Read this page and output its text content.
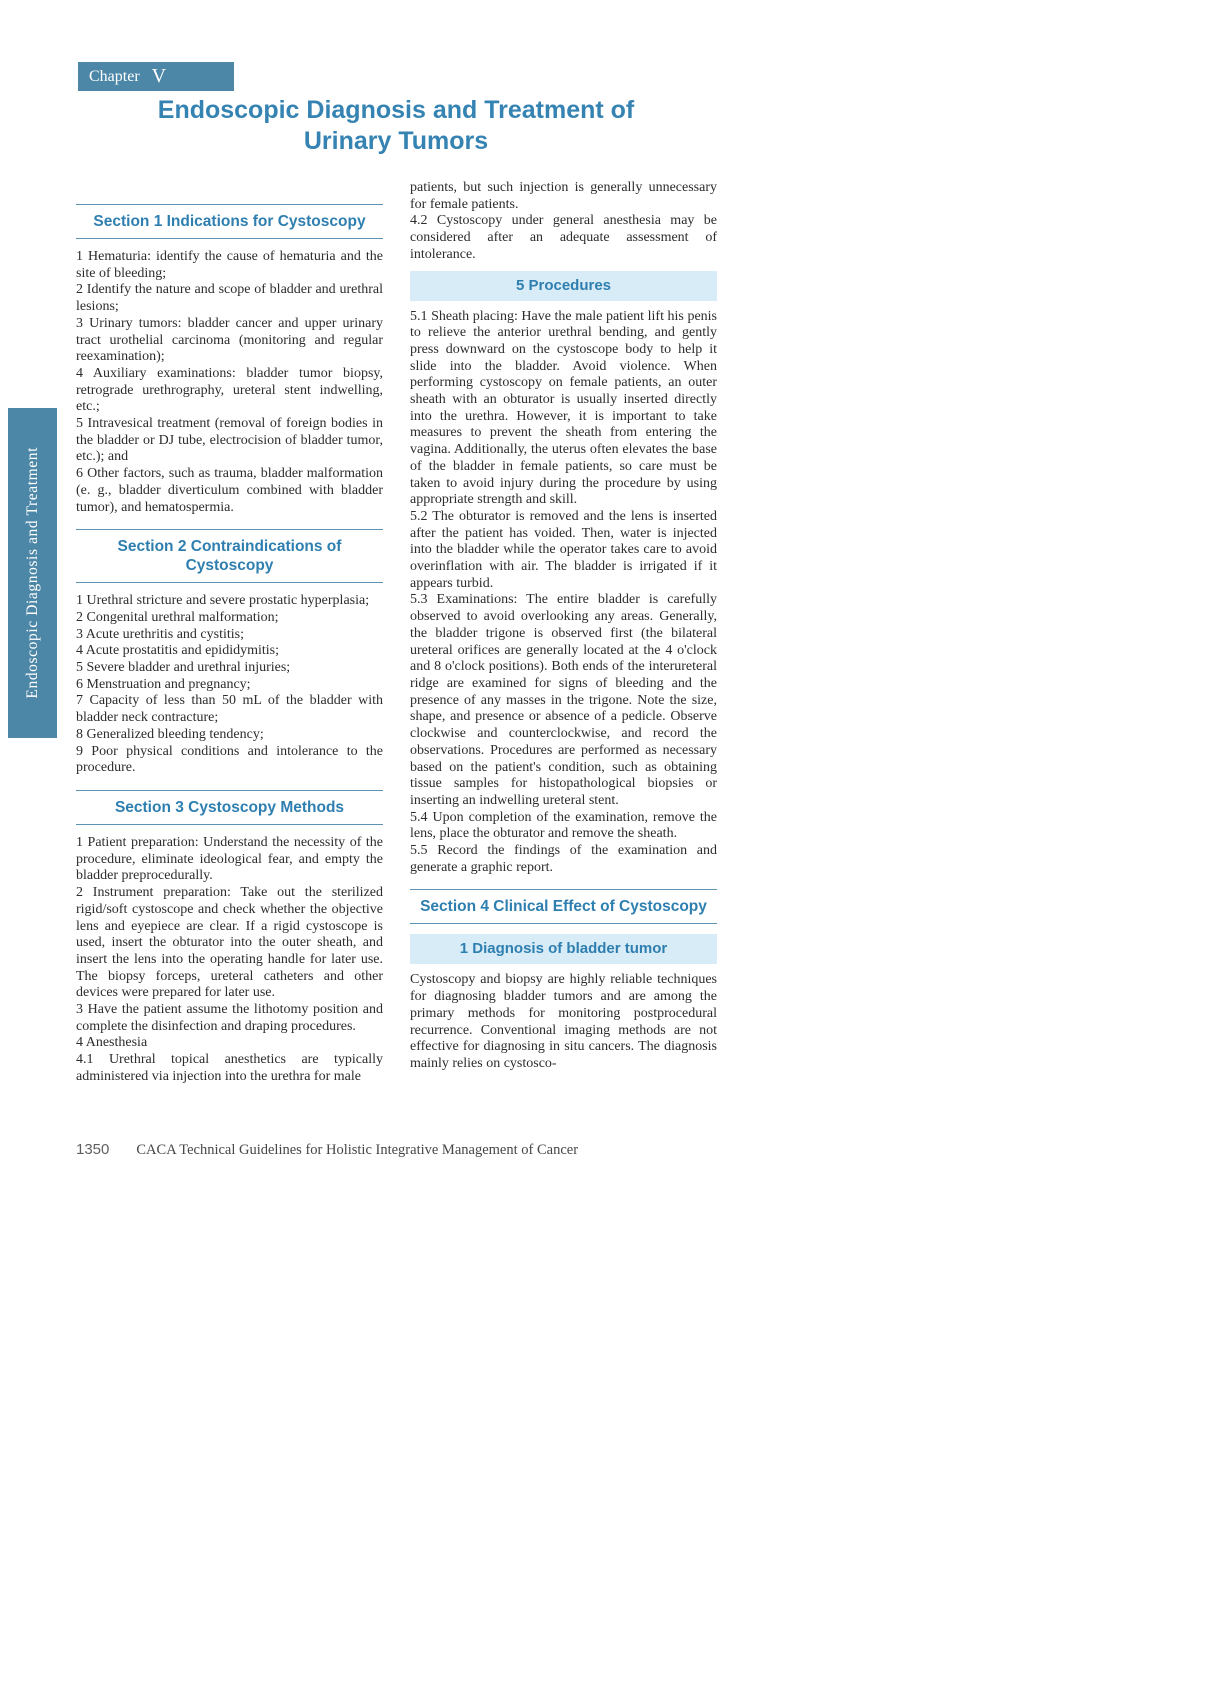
Endoscopic Diagnosis and Treatment
Chapter V
Endoscopic Diagnosis and Treatment of
Urinary Tumors
Section 1 Indications for Cystoscopy

1 Hematuria: identify the cause of hematuria and the site of bleeding;

2 Identify the nature and scope of bladder and urethral lesions;

3 Urinary tumors: bladder cancer and upper urinary tract urothelial carcinoma (monitoring and regular reexamination);

4 Auxiliary examinations: bladder tumor biopsy, retrograde urethrography, ureteral stent indwelling, etc.;

5 Intravesical treatment (removal of foreign bodies in the bladder or DJ tube, electrocision of bladder tumor, etc.); and

6 Other factors, such as trauma, bladder malformation (e. g., bladder diverticulum combined with bladder tumor), and hematospermia.

Section 2 Contraindications of Cystoscopy

1 Urethral stricture and severe prostatic hyperplasia;

2 Congenital urethral malformation;

3 Acute urethritis and cystitis;

4 Acute prostatitis and epididymitis;

5 Severe bladder and urethral injuries;

6 Menstruation and pregnancy;

7 Capacity of less than 50 mL of the bladder with bladder neck contracture;

8 Generalized bleeding tendency;

9 Poor physical conditions and intolerance to the procedure.

Section 3 Cystoscopy Methods

1 Patient preparation: Understand the necessity of the procedure, eliminate ideological fear, and empty the bladder preprocedurally.

2 Instrument preparation: Take out the sterilized rigid/soft cystoscope and check whether the objective lens and eyepiece are clear. If a rigid cystoscope is used, insert the obturator into the outer sheath, and insert the lens into the operating handle for later use. The biopsy forceps, ureteral catheters and other devices were prepared for later use.

3 Have the patient assume the lithotomy position and complete the disinfection and draping procedures.

4 Anesthesia

4.1 Urethral topical anesthetics are typically administered via injection into the urethra for male

patients, but such injection is generally unnecessary for female patients.

4.2 Cystoscopy under general anesthesia may be considered after an adequate assessment of intolerance.

5 Procedures

5.1 Sheath placing: Have the male patient lift his penis to relieve the anterior urethral bending, and gently press downward on the cystoscope body to help it slide into the bladder. Avoid violence. When performing cystoscopy on female patients, an outer sheath with an obturator is usually inserted directly into the urethra. However, it is important to take measures to prevent the sheath from entering the vagina. Additionally, the uterus often elevates the base of the bladder in female patients, so care must be taken to avoid injury during the procedure by using appropriate strength and skill.

5.2 The obturator is removed and the lens is inserted after the patient has voided. Then, water is injected into the bladder while the operator takes care to avoid overinflation with air. The bladder is irrigated if it appears turbid.

5.3 Examinations: The entire bladder is carefully observed to avoid overlooking any areas. Generally, the bladder trigone is observed first (the bilateral ureteral orifices are generally located at the 4 o'clock and 8 o'clock positions). Both ends of the interureteral ridge are examined for signs of bleeding and the presence of any masses in the trigone. Note the size, shape, and presence or absence of a pedicle. Observe clockwise and counterclockwise, and record the observations. Procedures are performed as necessary based on the patient's condition, such as obtaining tissue samples for histopathological biopsies or inserting an indwelling ureteral stent.

5.4 Upon completion of the examination, remove the lens, place the obturator and remove the sheath.

5.5 Record the findings of the examination and generate a graphic report.

Section 4 Clinical Effect of Cystoscopy
1 Diagnosis of bladder tumor

Cystoscopy and biopsy are highly reliable techniques for diagnosing bladder tumors and are among the primary methods for monitoring postprocedural recurrence. Conventional imaging methods are not effective for diagnosing in situ cancers. The diagnosis mainly relies on cystosco-

1350 CACA Technical Guidelines for Holistic Integrative Management of Cancer
